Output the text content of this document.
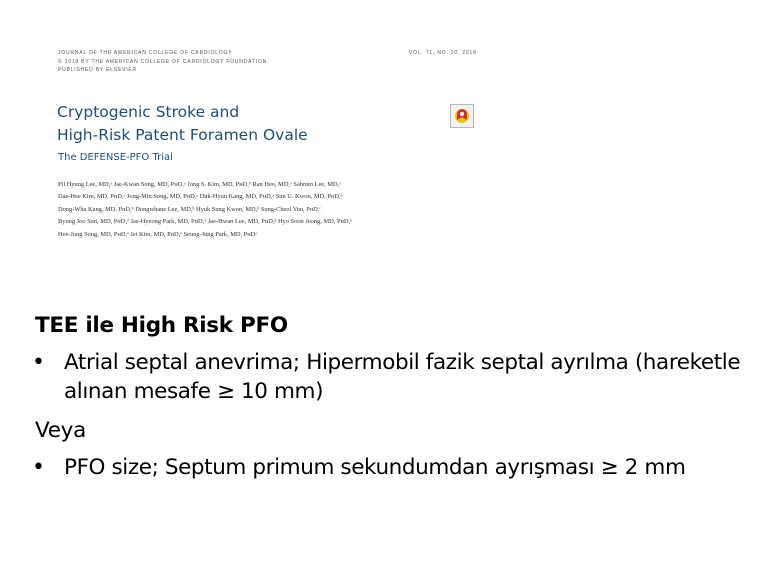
JOURNAL OF THE AMERICAN COLLEGE OF CARDIOLOGY
© 2018 BY THE AMERICAN COLLEGE OF CARDIOLOGY FOUNDATION
PUBLISHED BY ELSEVIER
VOL. 71, NO. 20, 2018
Cryptogenic Stroke and
High-Risk Patent Foramen Ovale
The DEFENSE-PFO Trial
Pil Hyung Lee, MD,ᵃ Jae-Kwan Song, MD, PʜD,ᵃ Jong S. Kim, MD, PʜD,ᵇ Ran Heo, MD,ᵃ Sahmin Lee, MD,ᵃ
Dae-Hee Kim, MD, PʜD,ᵃ Jong-Min Song, MD, PʜD,ᵃ Duk-Hyun Kang, MD, PʜD,ᵃ Sun U. Kwon, MD, PʜD,ᵇ
Dong-Wha Kang, MD, PʜD,ᵇ Dongwhane Lee, MD,ᵇ Hyuk Sung Kwon, MD,ᵇ Sung-Cheol Yun, PʜD,ᶜ
Byung Joo Sun, MD, PʜD,ᵈ Jae-Hyeong Park, MD, PʜD,ᵈ Jae-Hwan Lee, MD, PʜD,ᵈ Hyo Soon Jeong, MD, PʜD,ᵉ
Hee-Jung Song, MD, PʜD,ᵉ Jei Kim, MD, PʜD,ᵉ Seung-Jung Park, MD, PʜDᵃ
TEE ile High Risk PFO
• Atrial septal anevrima; Hipermobil fazik septal ayrılma (hareketle alınan mesafe ≥ 10 mm)
Veya
• PFO size; Septum primum sekundumdan ayrışması ≥ 2 mm
